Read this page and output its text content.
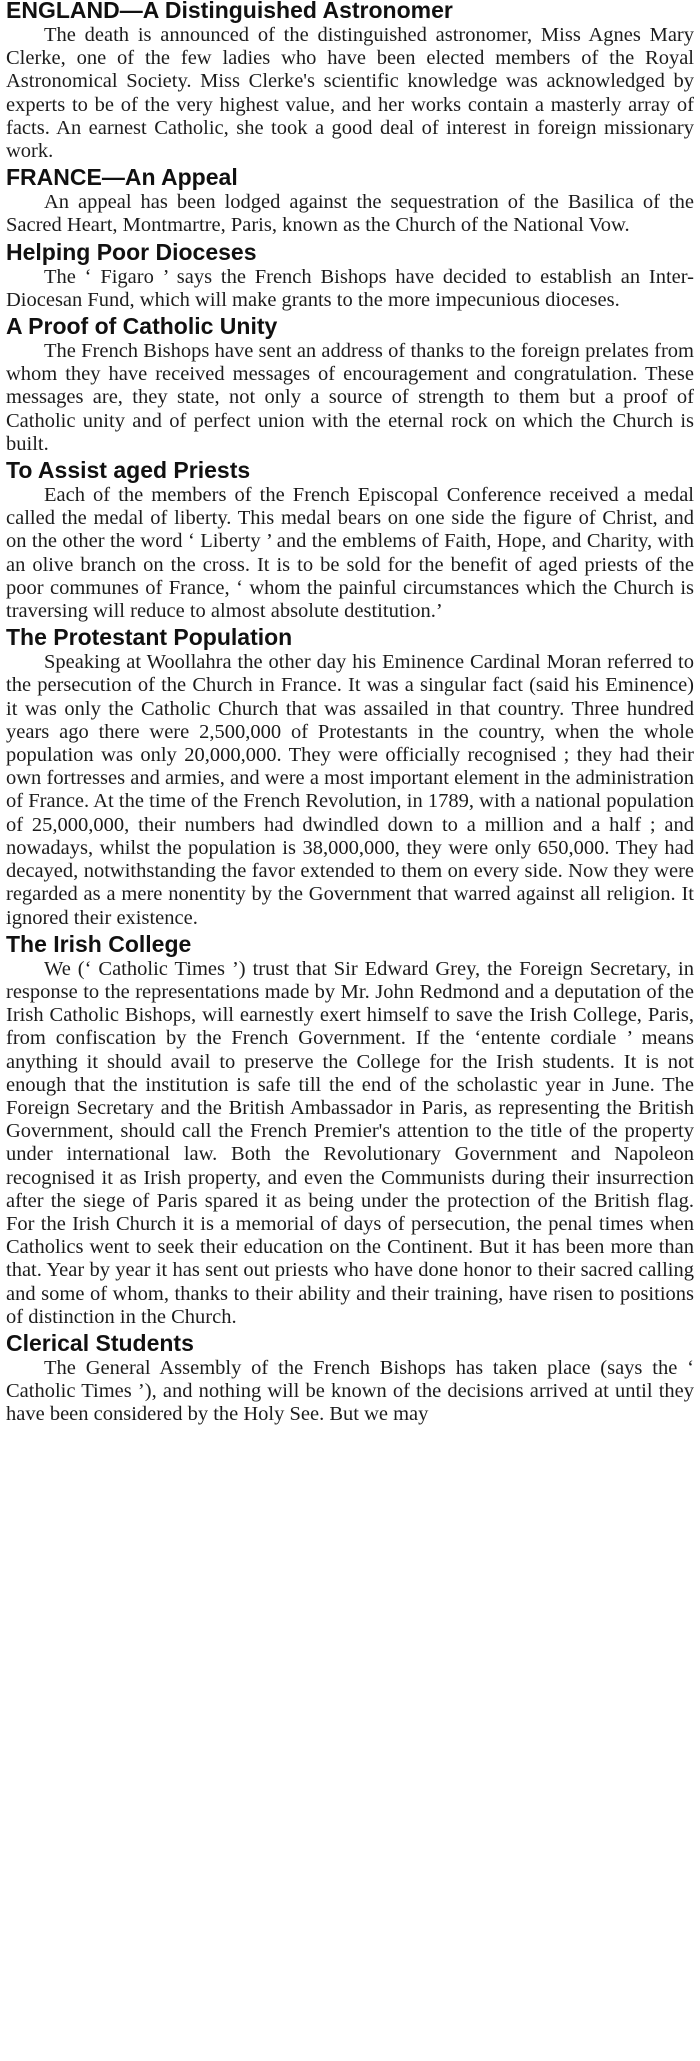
ENGLAND—A Distinguished Astronomer

The death is announced of the distinguished astronomer, Miss Agnes Mary Clerke, one of the few ladies who have been elected members of the Royal Astronomical Society. Miss Clerke's scientific knowledge was acknowledged by experts to be of the very highest value, and her works contain a masterly array of facts. An earnest Catholic, she took a good deal of interest in foreign missionary work.

FRANCE—An Appeal

An appeal has been lodged against the sequestration of the Basilica of the Sacred Heart, Montmartre, Paris, known as the Church of the National Vow.

Helping Poor Dioceses

The ‘ Figaro ’ says the French Bishops have decided to establish an Inter-Diocesan Fund, which will make grants to the more impecunious dioceses.

A Proof of Catholic Unity

The French Bishops have sent an address of thanks to the foreign prelates from whom they have received messages of encouragement and congratulation. These messages are, they state, not only a source of strength to them but a proof of Catholic unity and of perfect union with the eternal rock on which the Church is built.

To Assist aged Priests

Each of the members of the French Episcopal Conference received a medal called the medal of liberty. This medal bears on one side the figure of Christ, and on the other the word ‘ Liberty ’ and the emblems of Faith, Hope, and Charity, with an olive branch on the cross. It is to be sold for the benefit of aged priests of the poor communes of France, ‘ whom the painful circumstances which the Church is traversing will reduce to almost absolute destitution.’

The Protestant Population

Speaking at Woollahra the other day his Eminence Cardinal Moran referred to the persecution of the Church in France. It was a singular fact (said his Eminence) it was only the Catholic Church that was assailed in that country. Three hundred years ago there were 2,500,000 of Protestants in the country, when the whole population was only 20,000,000. They were officially recognised ; they had their own fortresses and armies, and were a most important element in the administration of France. At the time of the French Revolution, in 1789, with a national population of 25,000,000, their numbers had dwindled down to a million and a half ; and nowadays, whilst the population is 38,000,000, they were only 650,000. They had decayed, notwithstanding the favor extended to them on every side. Now they were regarded as a mere nonentity by the Government that warred against all religion. It ignored their existence.

The Irish College

We (‘ Catholic Times ’) trust that Sir Edward Grey, the Foreign Secretary, in response to the representations made by Mr. John Redmond and a deputation of the Irish Catholic Bishops, will earnestly exert himself to save the Irish College, Paris, from confiscation by the French Government. If the ‘entente cordiale ’ means anything it should avail to preserve the College for the Irish students. It is not enough that the institution is safe till the end of the scholastic year in June. The Foreign Secretary and the British Ambassador in Paris, as representing the British Government, should call the French Premier's attention to the title of the property under international law. Both the Revolutionary Government and Napoleon recognised it as Irish property, and even the Communists during their insurrection after the siege of Paris spared it as being under the protection of the British flag. For the Irish Church it is a memorial of days of persecution, the penal times when Catholics went to seek their education on the Continent. But it has been more than that. Year by year it has sent out priests who have done honor to their sacred calling and some of whom, thanks to their ability and their training, have risen to positions of distinction in the Church.

Clerical Students

The General Assembly of the French Bishops has taken place (says the ‘ Catholic Times ’), and nothing will be known of the decisions arrived at until they have been considered by the Holy See. But we may
